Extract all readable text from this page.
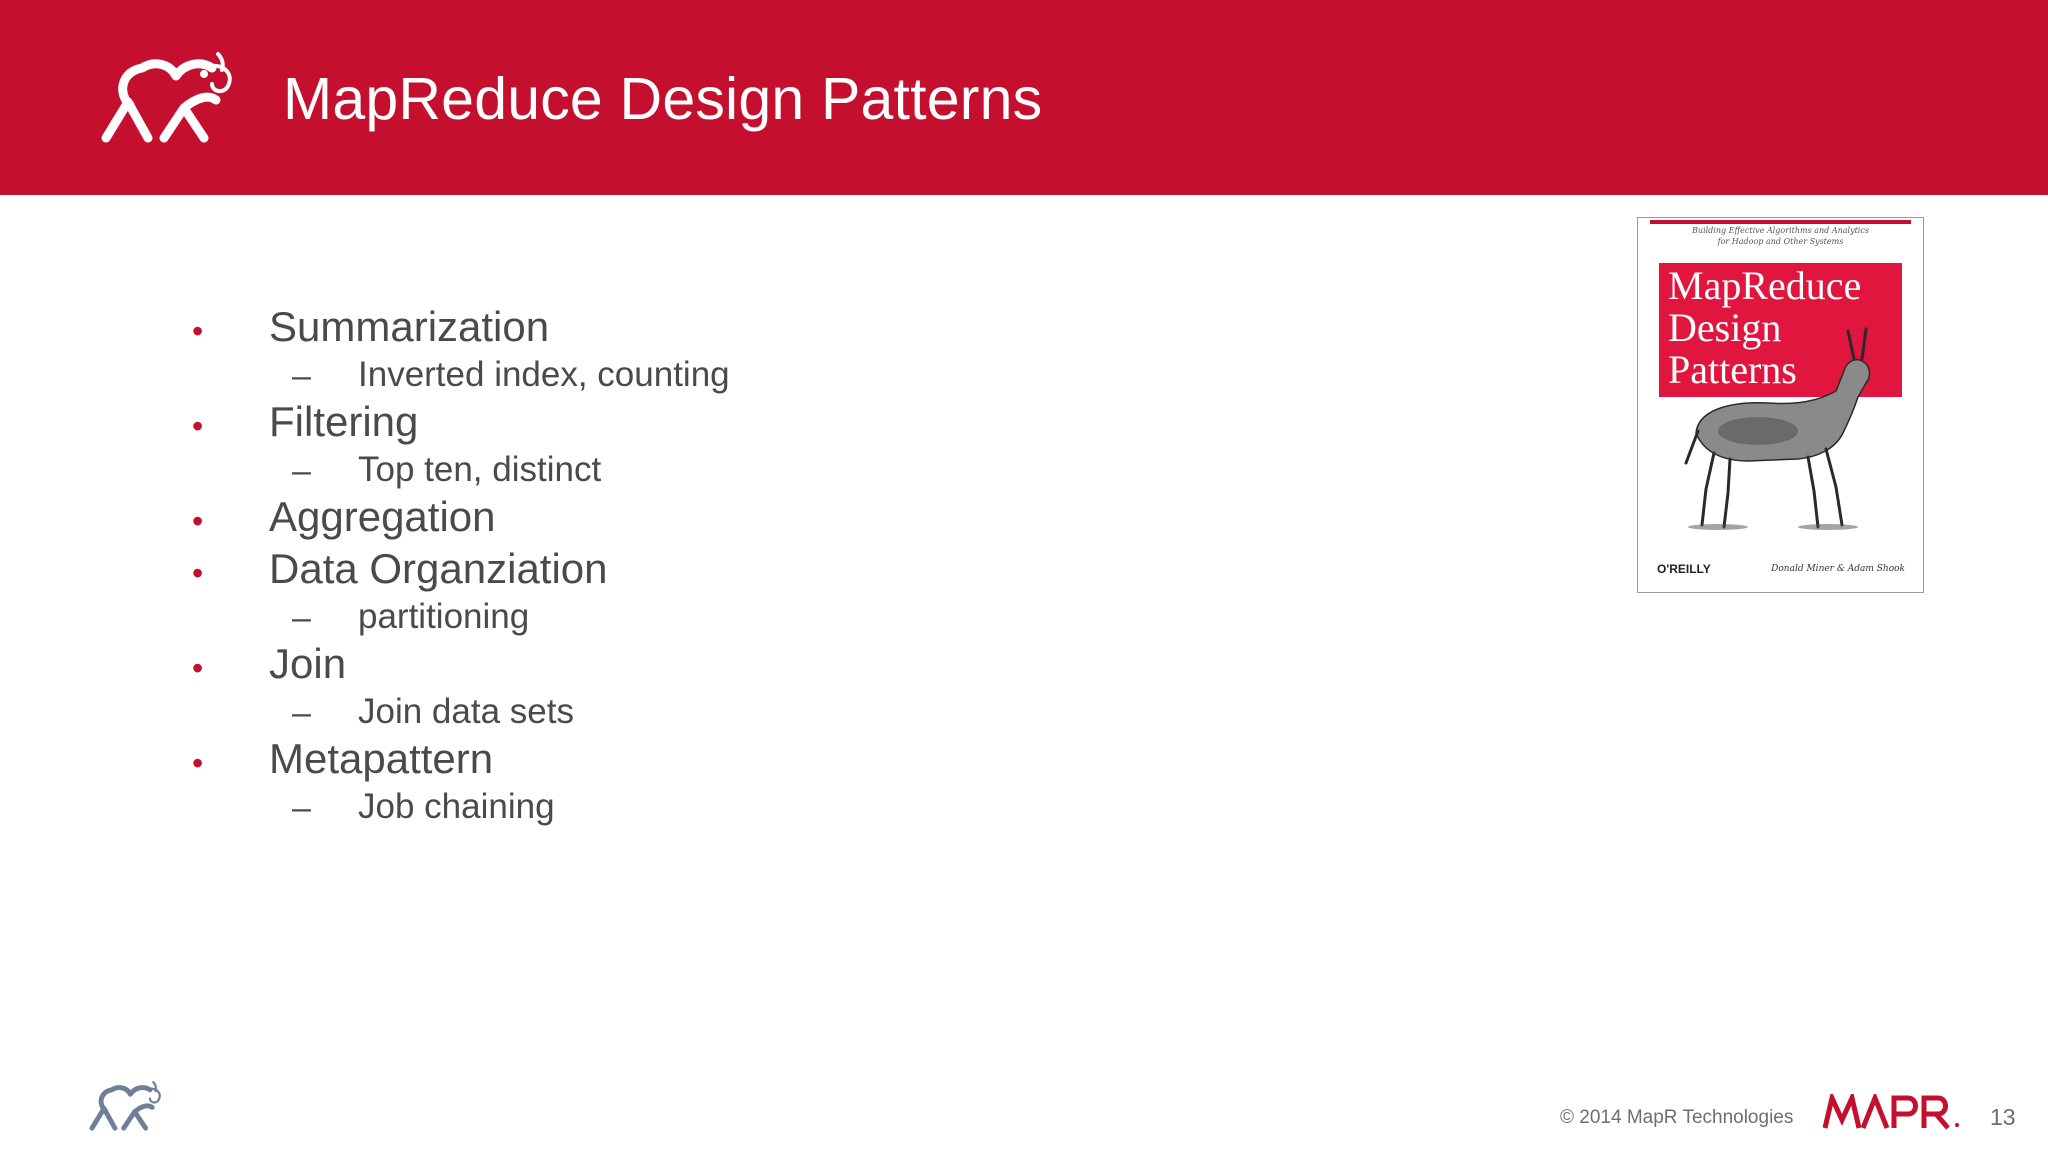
MapReduce Design Patterns
• Summarization
– Inverted index, counting
• Filtering
– Top ten, distinct
• Aggregation
• Data Organziation
– partitioning
• Join
– Join data sets
• Metapattern
– Job chaining
Building Effective Algorithms and Analytics
for Hadoop and Other Systems
MapReduce
Design
Patterns
O'REILLY	Donald Miner & Adam Shook
© 2014 MapR Technologies	13
